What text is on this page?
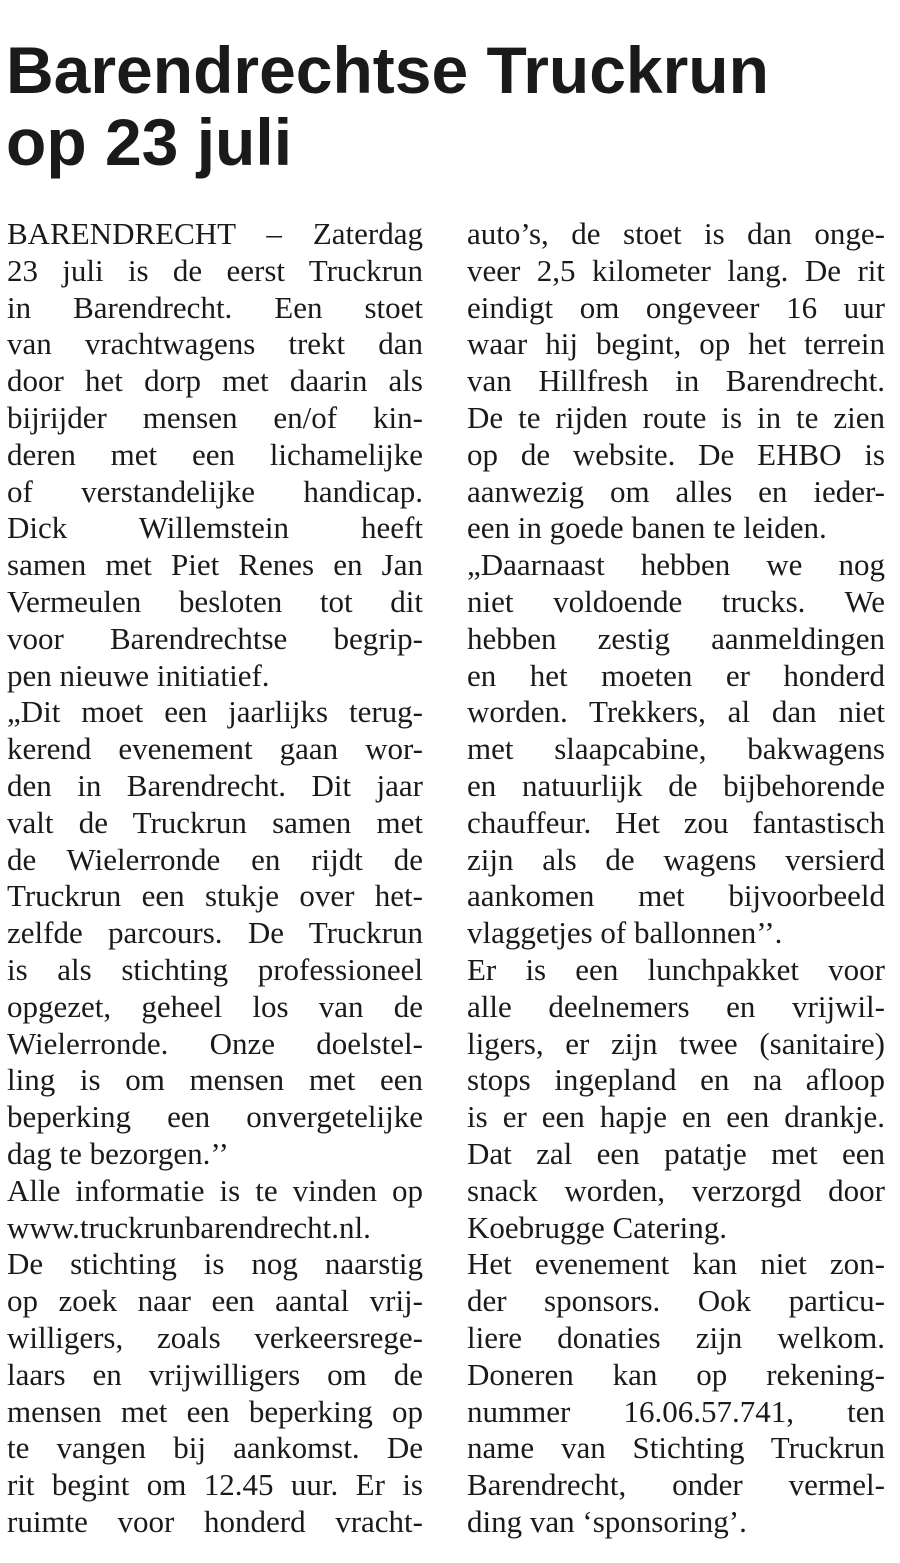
Barendrechtse Truckrun
op 23 juli
BARENDRECHT – Zaterdag
23 juli is de eerst Truckrun
in Barendrecht. Een stoet
van vrachtwagens trekt dan
door het dorp met daarin als
bijrijder mensen en/of kin-
deren met een lichamelijke
of verstandelijke handicap.
Dick Willemstein heeft
samen met Piet Renes en Jan
Vermeulen besloten tot dit
voor Barendrechtse begrip-
pen nieuwe initiatief.
„Dit moet een jaarlijks terug-
kerend evenement gaan wor-
den in Barendrecht. Dit jaar
valt de Truckrun samen met
de Wielerronde en rijdt de
Truckrun een stukje over het-
zelfde parcours. De Truckrun
is als stichting professioneel
opgezet, geheel los van de
Wielerronde. Onze doelstel-
ling is om mensen met een
beperking een onvergetelijke
dag te bezorgen.’’
Alle informatie is te vinden op
www.truckrunbarendrecht.nl.
De stichting is nog naarstig
op zoek naar een aantal vrij-
willigers, zoals verkeersrege-
laars en vrijwilligers om de
mensen met een beperking op
te vangen bij aankomst. De
rit begint om 12.45 uur. Er is
ruimte voor honderd vracht-
auto’s, de stoet is dan onge-
veer 2,5 kilometer lang. De rit
eindigt om ongeveer 16 uur
waar hij begint, op het terrein
van Hillfresh in Barendrecht.
De te rijden route is in te zien
op de website. De EHBO is
aanwezig om alles en ieder-
een in goede banen te leiden.
„Daarnaast hebben we nog
niet voldoende trucks. We
hebben zestig aanmeldingen
en het moeten er honderd
worden. Trekkers, al dan niet
met slaapcabine, bakwagens
en natuurlijk de bijbehorende
chauffeur. Het zou fantastisch
zijn als de wagens versierd
aankomen met bijvoorbeeld
vlaggetjes of ballonnen’’.
Er is een lunchpakket voor
alle deelnemers en vrijwil-
ligers, er zijn twee (sanitaire)
stops ingepland en na afloop
is er een hapje en een drankje.
Dat zal een patatje met een
snack worden, verzorgd door
Koebrugge Catering.
Het evenement kan niet zon-
der sponsors. Ook particu-
liere donaties zijn welkom.
Doneren kan op rekening-
nummer 16.06.57.741, ten
name van Stichting Truckrun
Barendrecht, onder vermel-
ding van ‘sponsoring’.
